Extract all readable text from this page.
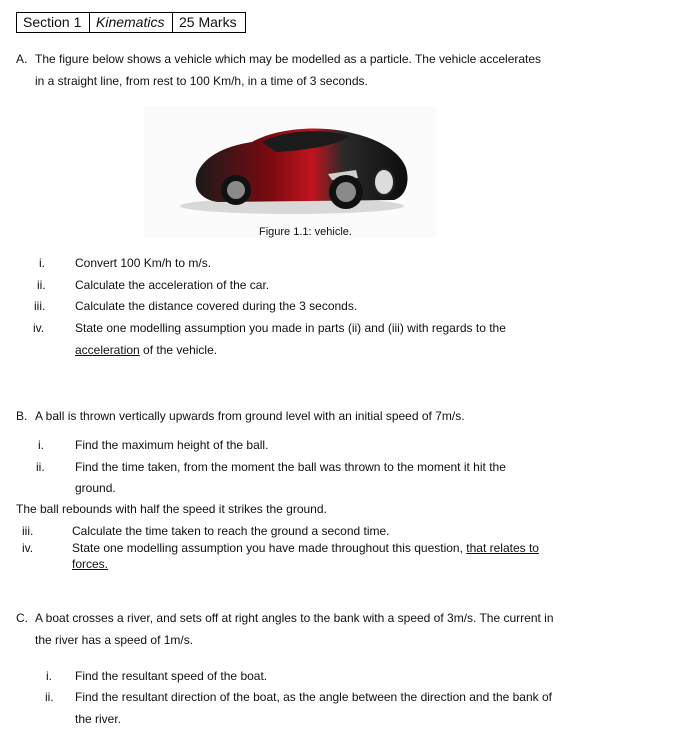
Section 1	Kinematics	25 Marks
A. The figure below shows a vehicle which may be modelled as a particle. The vehicle accelerates
in a straight line, from rest to 100 Km/h, in a time of 3 seconds.
Figure 1.1: vehicle.
i.	Convert 100 Km/h to m/s.
ii. Calculate the acceleration of the car.
iii. Calculate the distance covered during the 3 seconds.
iv.	State one modelling assumption you made in parts (ii) and (iii) with regards to the
acceleration of the vehicle.
B. A ball is thrown vertically upwards from ground level with an initial speed of 7m/s.
i.	Find the maximum height of the ball.
ii.	Find the time taken, from the moment the ball was thrown to the moment it hit the
ground.
The ball rebounds with half the speed it strikes the ground.
iii.	Calculate the time taken to reach the ground a second time.
iv.	State one modelling assumption you have made throughout this question, that relates to
forces.
C. A boat crosses a river, and sets off at right angles to the bank with a speed of 3m/s. The current in
the river has a speed of 1m/s.
i. Find the resultant speed of the boat.
ii. Find the resultant direction of the boat, as the angle between the direction and the bank of
the river.
